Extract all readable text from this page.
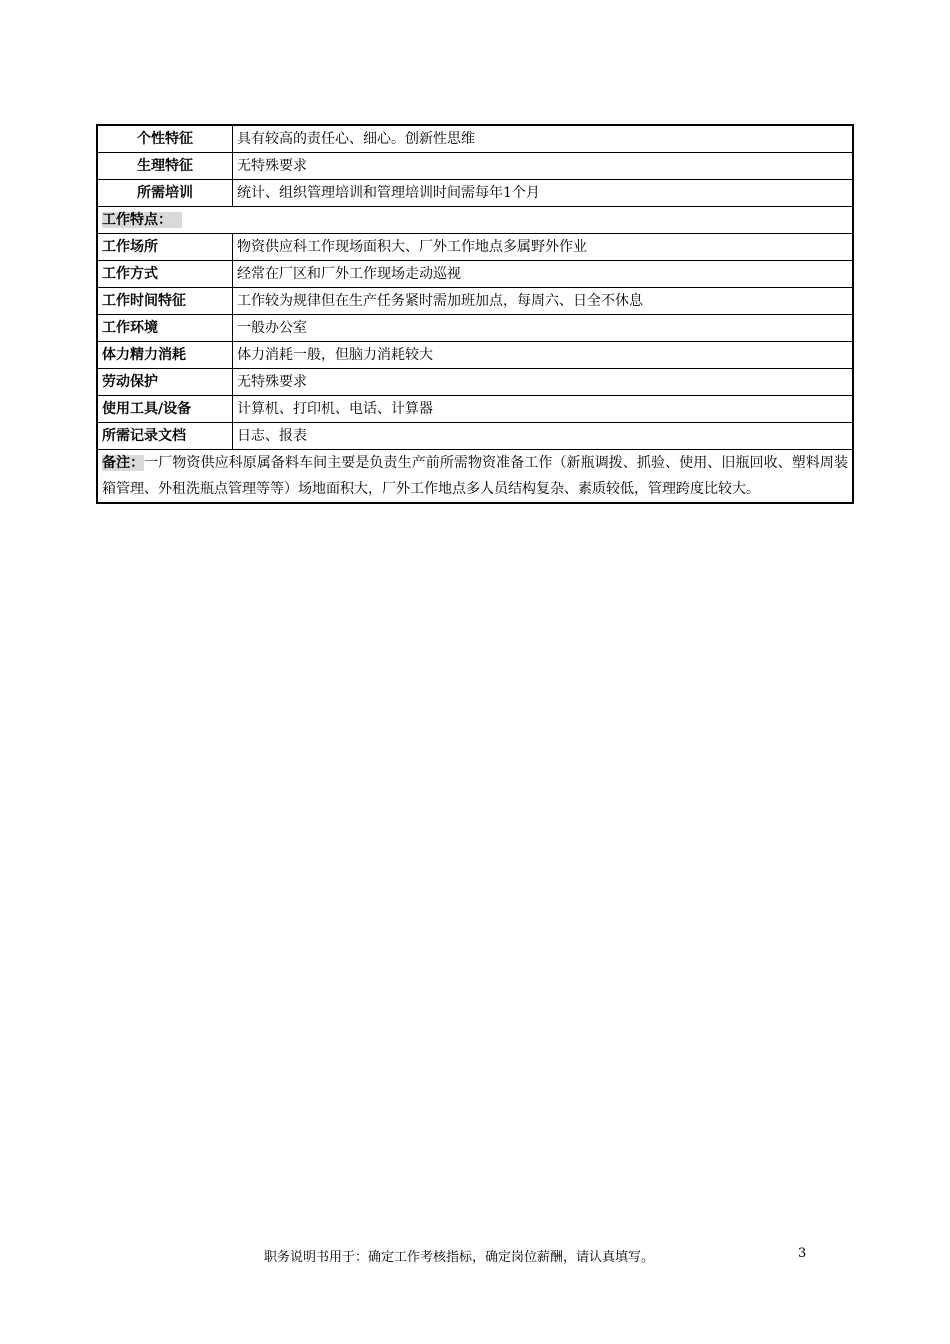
个性特征	具有较高的责任心、细心。创新性思维
生理特征	无特殊要求
所需培训	统计、组织管理培训和管理培训时间需每年1个月
工作特点：	
工作场所	物资供应科工作现场面积大、厂外工作地点多属野外作业
工作方式	经常在厂区和厂外工作现场走动巡视
工作时间特征	工作较为规律但在生产任务紧时需加班加点，每周六、日全不休息
工作环境	一般办公室
体力精力消耗	体力消耗一般，但脑力消耗较大
劳动保护	无特殊要求
使用工具/设备	计算机、打印机、电话、计算器
所需记录文档	日志、报表
备注：一厂物资供应科原属备料车间主要是负责生产前所需物资准备工作（新瓶调拨、抓验、使用、旧瓶回收、塑料周装箱管理、外租洗瓶点管理等等）场地面积大，厂外工作地点多人员结构复杂、素质较低，管理跨度比较大。	
职务说明书用于：确定工作考核指标，确定岗位薪酬，请认真填写。	3
